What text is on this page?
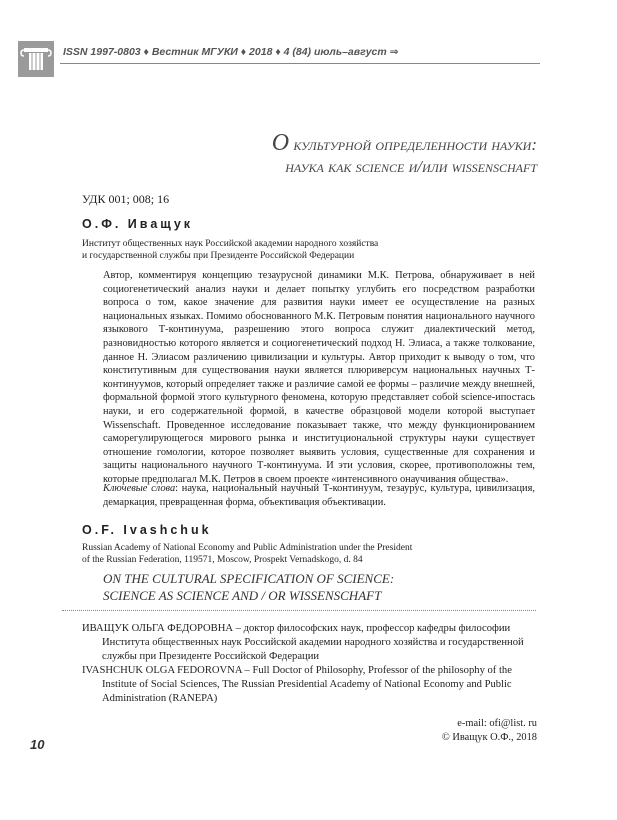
ISSN 1997-0803 ♦ Вестник МГУКИ ♦ 2018 ♦ 4 (84) июль–август ⇒
О культурной определенности науки:
наука как science и/или wissenschaft
УДК 001; 008; 16
О.Ф. Иващук
Институт общественных наук Российской академии народного хозяйства
и государственной службы при Президенте Российской Федерации
Автор, комментируя концепцию тезаурусной динамики М.К. Петрова, обнаруживает в ней социогенетический анализ науки и делает попытку углубить его посредством разработки вопроса о том, какое значение для развития науки имеет ее осуществление на разных национальных языках. Помимо обоснованного М.К. Петровым понятия национального научного языкового Т-континуума, разрешению этого вопроса служит диалектический метод, разновидностью которого является и социогенетический подход Н. Элиаса, а также толкование, данное Н. Элиасом различению цивилизации и культуры. Автор приходит к выводу о том, что конститутивным для существования науки является плюриверсум национальных научных Т-континуумов, который определяет также и различие самой ее формы – различие между внешней, формальной формой этого культурного феномена, которую представляет собой science-ипостась науки, и его содержательной формой, в качестве образцовой модели которой выступает Wissenschaft. Проведенное исследование показывает также, что между функционированием саморегулирующегося мирового рынка и институциональной структуры науки существует отношение гомологии, которое позволяет выявить условия, существенные для сохранения и защиты национального научного Т-континуума. И эти условия, скорее, противоположны тем, которые предполагал М.К. Петров в своем проекте «интенсивного онаучивания общества».
Ключевые слова: наука, национальный научный Т-континуум, тезаурус, культура, цивилизация, демаркация, превращенная форма, объективация объективации.
O.F. Ivashchuk
Russian Academy of National Economy and Public Administration under the President
of the Russian Federation, 119571, Moscow, Prospekt Vernadskogo, d. 84
ON THE CULTURAL SPECIFICATION OF SCIENCE:
SCIENCE AS SCIENCE AND / OR WISSENSCHAFT

ИВАЩУК ОЛЬГА ФЕДОРОВНА – доктор философских наук, профессор кафедры философии Института общественных наук Российской академии народного хозяйства и государственной службы при Президенте Российской Федерации

IVASHCHUK OLGA FEDOROVNA – Full Doctor of Philosophy, Professor of the philosophy of the Institute of Social Sciences, The Russian Presidential Academy of National Economy and Public Administration (RANEPA)

e-mail: ofi@list. ru
© Иващук О.Ф., 2018
10
